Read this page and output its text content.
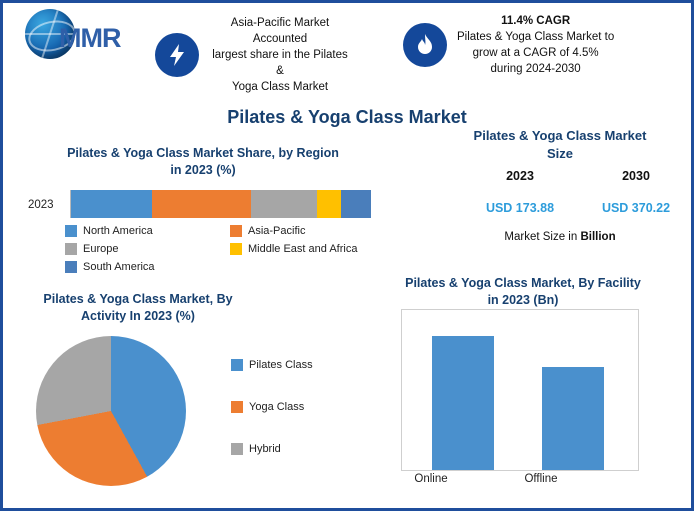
MMR	Asia-Pacific Market Accounted
largest share in the Pilates &
Yoga Class Market
11.4% CAGR
Pilates & Yoga Class Market to
grow at a CAGR of 4.5%
during 2024-2030
Pilates & Yoga Class Market
Pilates & Yoga Class Market Share, by Region
in 2023 (%)
2023
North America	Asia-Pacific
Europe	Middle East and Africa
South America
Pilates & Yoga Class Market
Size
2023	2030
USD 173.88	USD 370.22
Market Size in Billion
Pilates & Yoga Class Market, By
Activity In 2023 (%)
Pilates Class
Yoga Class
Hybrid
Pilates & Yoga Class Market, By Facility
in 2023 (Bn)
Online	Offline
